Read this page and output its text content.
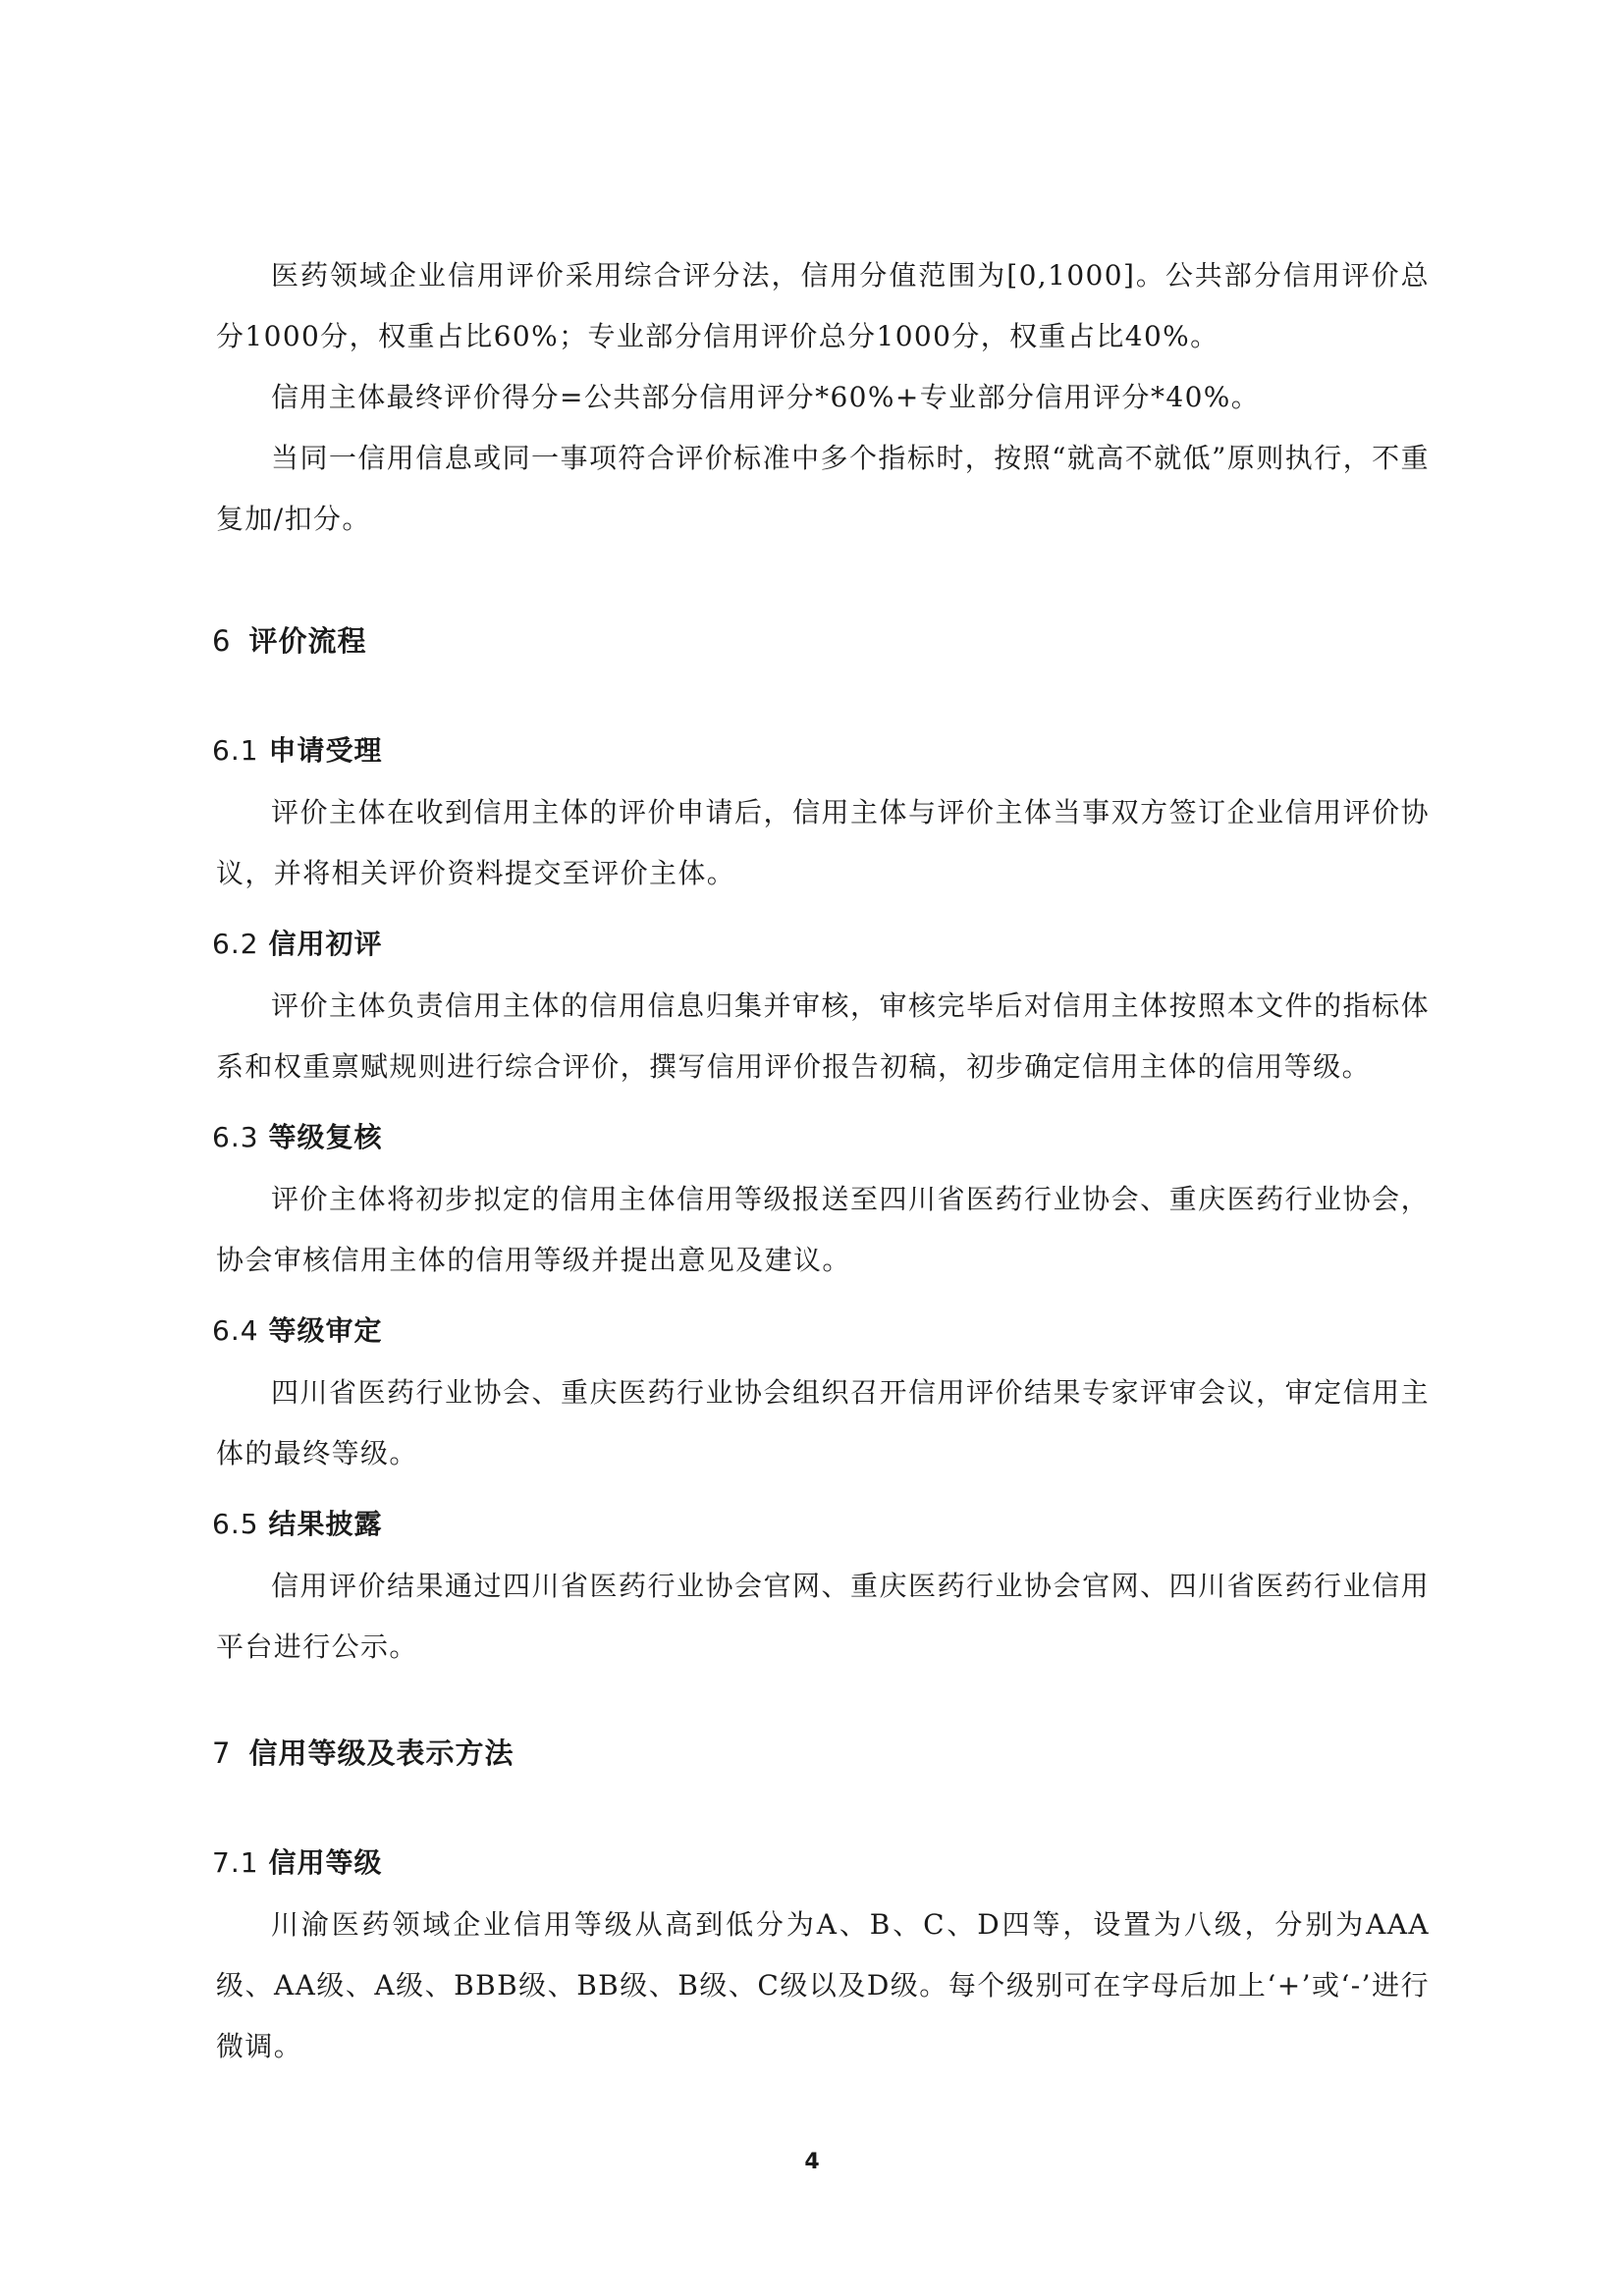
医药领域企业信用评价采用综合评分法，信用分值范围为[0,1000]。公共部分信用评价总分1000分，权重占比60%；专业部分信用评价总分1000分，权重占比40%。

信用主体最终评价得分=公共部分信用评分*60%+专业部分信用评分*40%。

当同一信用信息或同一事项符合评价标准中多个指标时，按照“就高不就低”原则执行，不重复加/扣分。

6 评价流程
6.1 申请受理

评价主体在收到信用主体的评价申请后，信用主体与评价主体当事双方签订企业信用评价协议，并将相关评价资料提交至评价主体。

6.2 信用初评

评价主体负责信用主体的信用信息归集并审核，审核完毕后对信用主体按照本文件的指标体系和权重禀赋规则进行综合评价，撰写信用评价报告初稿，初步确定信用主体的信用等级。

6.3 等级复核

评价主体将初步拟定的信用主体信用等级报送至四川省医药行业协会、重庆医药行业协会，协会审核信用主体的信用等级并提出意见及建议。

6.4 等级审定

四川省医药行业协会、重庆医药行业协会组织召开信用评价结果专家评审会议，审定信用主体的最终等级。

6.5 结果披露

信用评价结果通过四川省医药行业协会官网、重庆医药行业协会官网、四川省医药行业信用平台进行公示。

7 信用等级及表示方法
7.1 信用等级

川渝医药领域企业信用等级从高到低分为A、B、C、D四等，设置为八级，分别为AAA级、AA级、A级、BBB级、BB级、B级、C级以及D级。每个级别可在字母后加上‘+’或‘-’进行微调。

4
